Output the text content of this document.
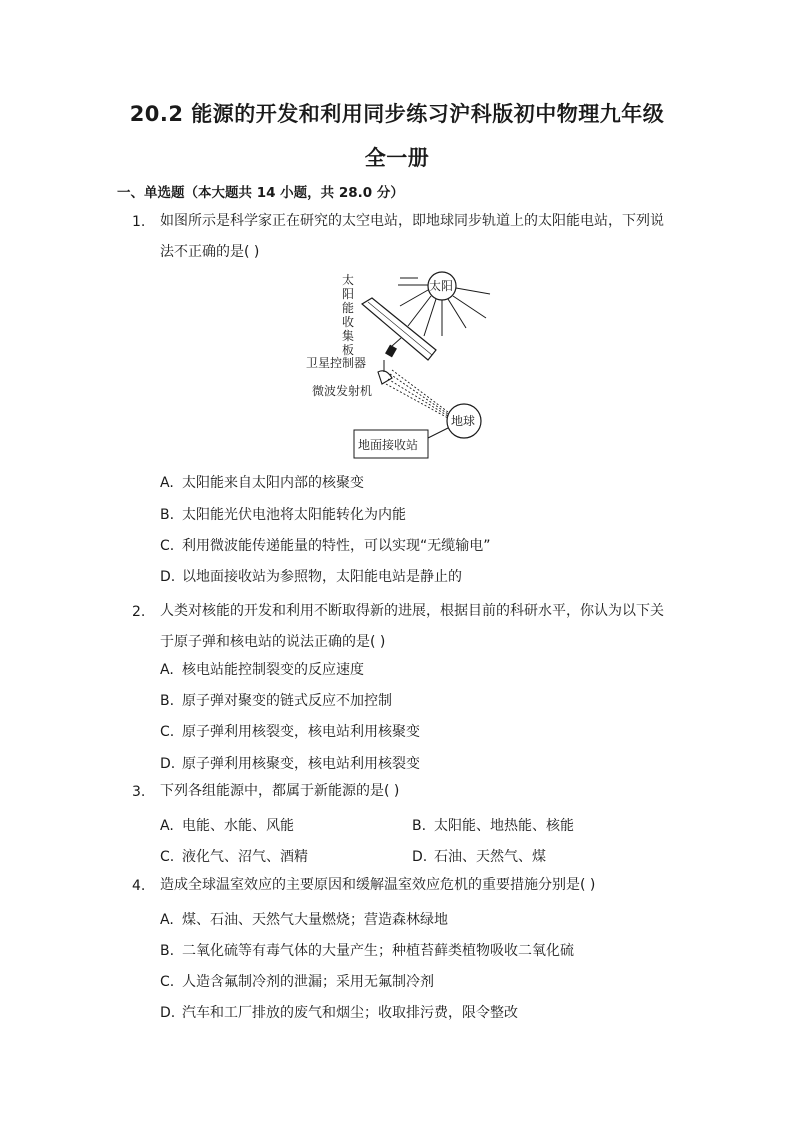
20.2 能源的开发和利用同步练习沪科版初中物理九年级
全一册
一、单选题（本大题共 14 小题，共 28.0 分）
1. 如图所示是科学家正在研究的太空电站，即地球同步轨道上的太阳能电站，下列说法不正确的是( )
太
阳
能
收
集
板
太阳
卫星控制器
微波发射机
地球
地面接收站
A. 太阳能来自太阳内部的核聚变
B. 太阳能光伏电池将太阳能转化为内能
C. 利用微波能传递能量的特性，可以实现“无缆输电”
D. 以地面接收站为参照物，太阳能电站是静止的
2. 人类对核能的开发和利用不断取得新的进展，根据目前的科研水平，你认为以下关于原子弹和核电站的说法正确的是( )
A. 核电站能控制裂变的反应速度
B. 原子弹对聚变的链式反应不加控制
C. 原子弹利用核裂变，核电站利用核聚变
D. 原子弹利用核聚变，核电站利用核裂变
3. 下列各组能源中，都属于新能源的是( )
A. 电能、水能、风能	B. 太阳能、地热能、核能
C. 液化气、沼气、酒精	D. 石油、天然气、煤
4. 造成全球温室效应的主要原因和缓解温室效应危机的重要措施分别是( )
A. 煤、石油、天然气大量燃烧；营造森林绿地
B. 二氧化硫等有毒气体的大量产生；种植苔藓类植物吸收二氧化硫
C. 人造含氟制冷剂的泄漏；采用无氟制冷剂
D. 汽车和工厂排放的废气和烟尘；收取排污费，限令整改
